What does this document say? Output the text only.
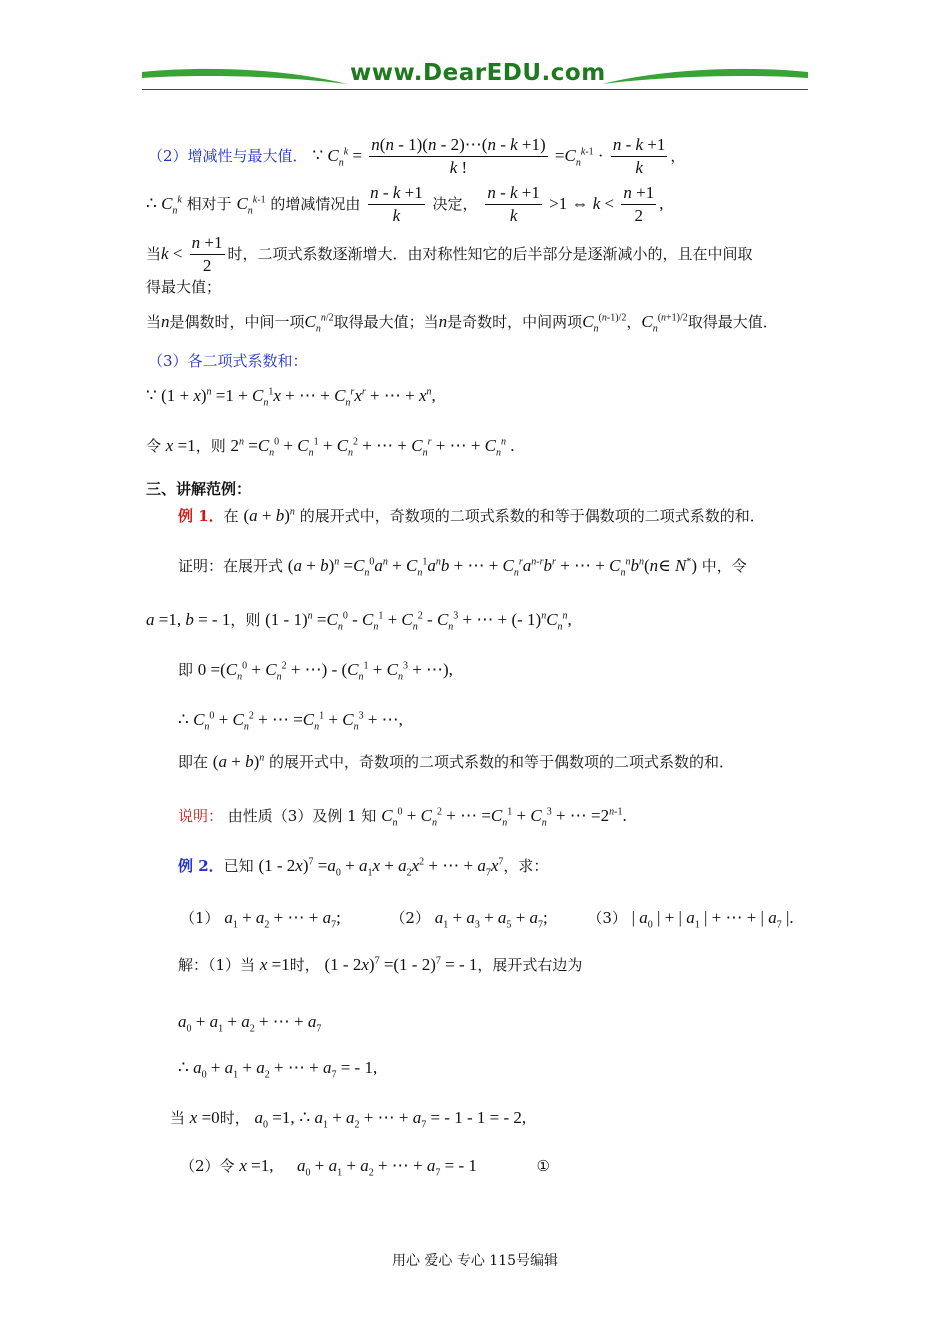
www.DearEDU.com
（2）增减性与最大值． ∵ $C_n^k = \frac{n(n - 1)(n - 2)\cdots(n - k +1)}{k !} =C_n^{k-1} \cdot \frac{n - k +1}{k}$ ，
∴ $C_n^k$ 相对于 $C_n^{k-1}$ 的增减情况由 $\frac{n - k +1}{k}$ 决定， $\frac{n - k +1}{k} >1$ ⇔ $k < \frac{n +1}{2}$ ,
当$k < \frac{n +1}{2}$ 时，二项式系数逐渐增大．由对称性知它的后半部分是逐渐减小的，且在中间取
得最大值；
当n是偶数时，中间一项$C_n^{n/2}$取得最大值；当n是奇数时，中间两项$C_n^{(n-1)/2}$，$C_n^{(n+1)/2}$取得最大值．
（3）各二项式系数和：
∵ $(1 + x)^n =1 + C_n^1x$ + ⋯ + $C_n^rx^r$ + ⋯ + $x^n$,
令 x =1，则 $2^n =C_n^0 + C_n^1 + C_n^2$ + ⋯ + $C_n^r$ + ⋯ + $C_n^n$ .
三、讲解范例：
例 1．在 $(a + b)^n$ 的展开式中，奇数项的二项式系数的和等于偶数项的二项式系数的和．
证明：在展开式 $(a + b)^n =C_n^0a^n + C_n^1a^nb$ + ⋯ + $C_n^ra^{n-r}b^r$ + ⋯ + $C_n^nb^n(n\in$ N*) 中，令
a =1, b = - 1，则 $(1 - 1)^n =C_n^0 - C_n^1 + C_n^2 - C_n^3$ + ⋯ + (- $1)^nC_n^n$,
即 $0 =(C_n^0 + C_n^2$ + ⋯) - ($C_n^1 + C_n^3$ + ⋯),
∴ $C_n^0 + C_n^2$ + ⋯ $=C_n^1 + C_n^3$ + ⋯,
即在 $(a + b)^n$ 的展开式中，奇数项的二项式系数的和等于偶数项的二项式系数的和．
说明： 由性质（3）及例 1 知 $C_n^0 + C_n^2$ + ⋯ $=C_n^1 + C_n^3$ + ⋯ $=2^{n-1}$.
例 2．已知 $(1 - 2x)^7 =a_0 + a_1x + a_2x^2$ + ⋯ + $a_7x^7$，求：
（1） $a_1 + a_2$ + ⋯ + $a_7$;	（2） $a_1 + a_3 + a_5 + a_7$;	（3） | $a_0$ | + | $a_1$ | + ⋯ + | $a_7$ |.
解：（1）当 x =1时， (1 - 2x)$^7$ =(1 - 2)$^7$ = - 1，展开式右边为
$a_0 + a_1 + a_2$ + ⋯ + $a_7$
∴ $a_0 + a_1 + a_2$ + ⋯ + $a_7$ = - 1,
当 x =0时， $a_0 =1$, ∴ $a_1 + a_2$ + ⋯ + $a_7$ = - 1 - 1 = - 2,
（2）令 x =1, $a_0 + a_1 + a_2$ + ⋯ + $a_7$ = - 1	①
用心 爱心 专心 115号编辑
